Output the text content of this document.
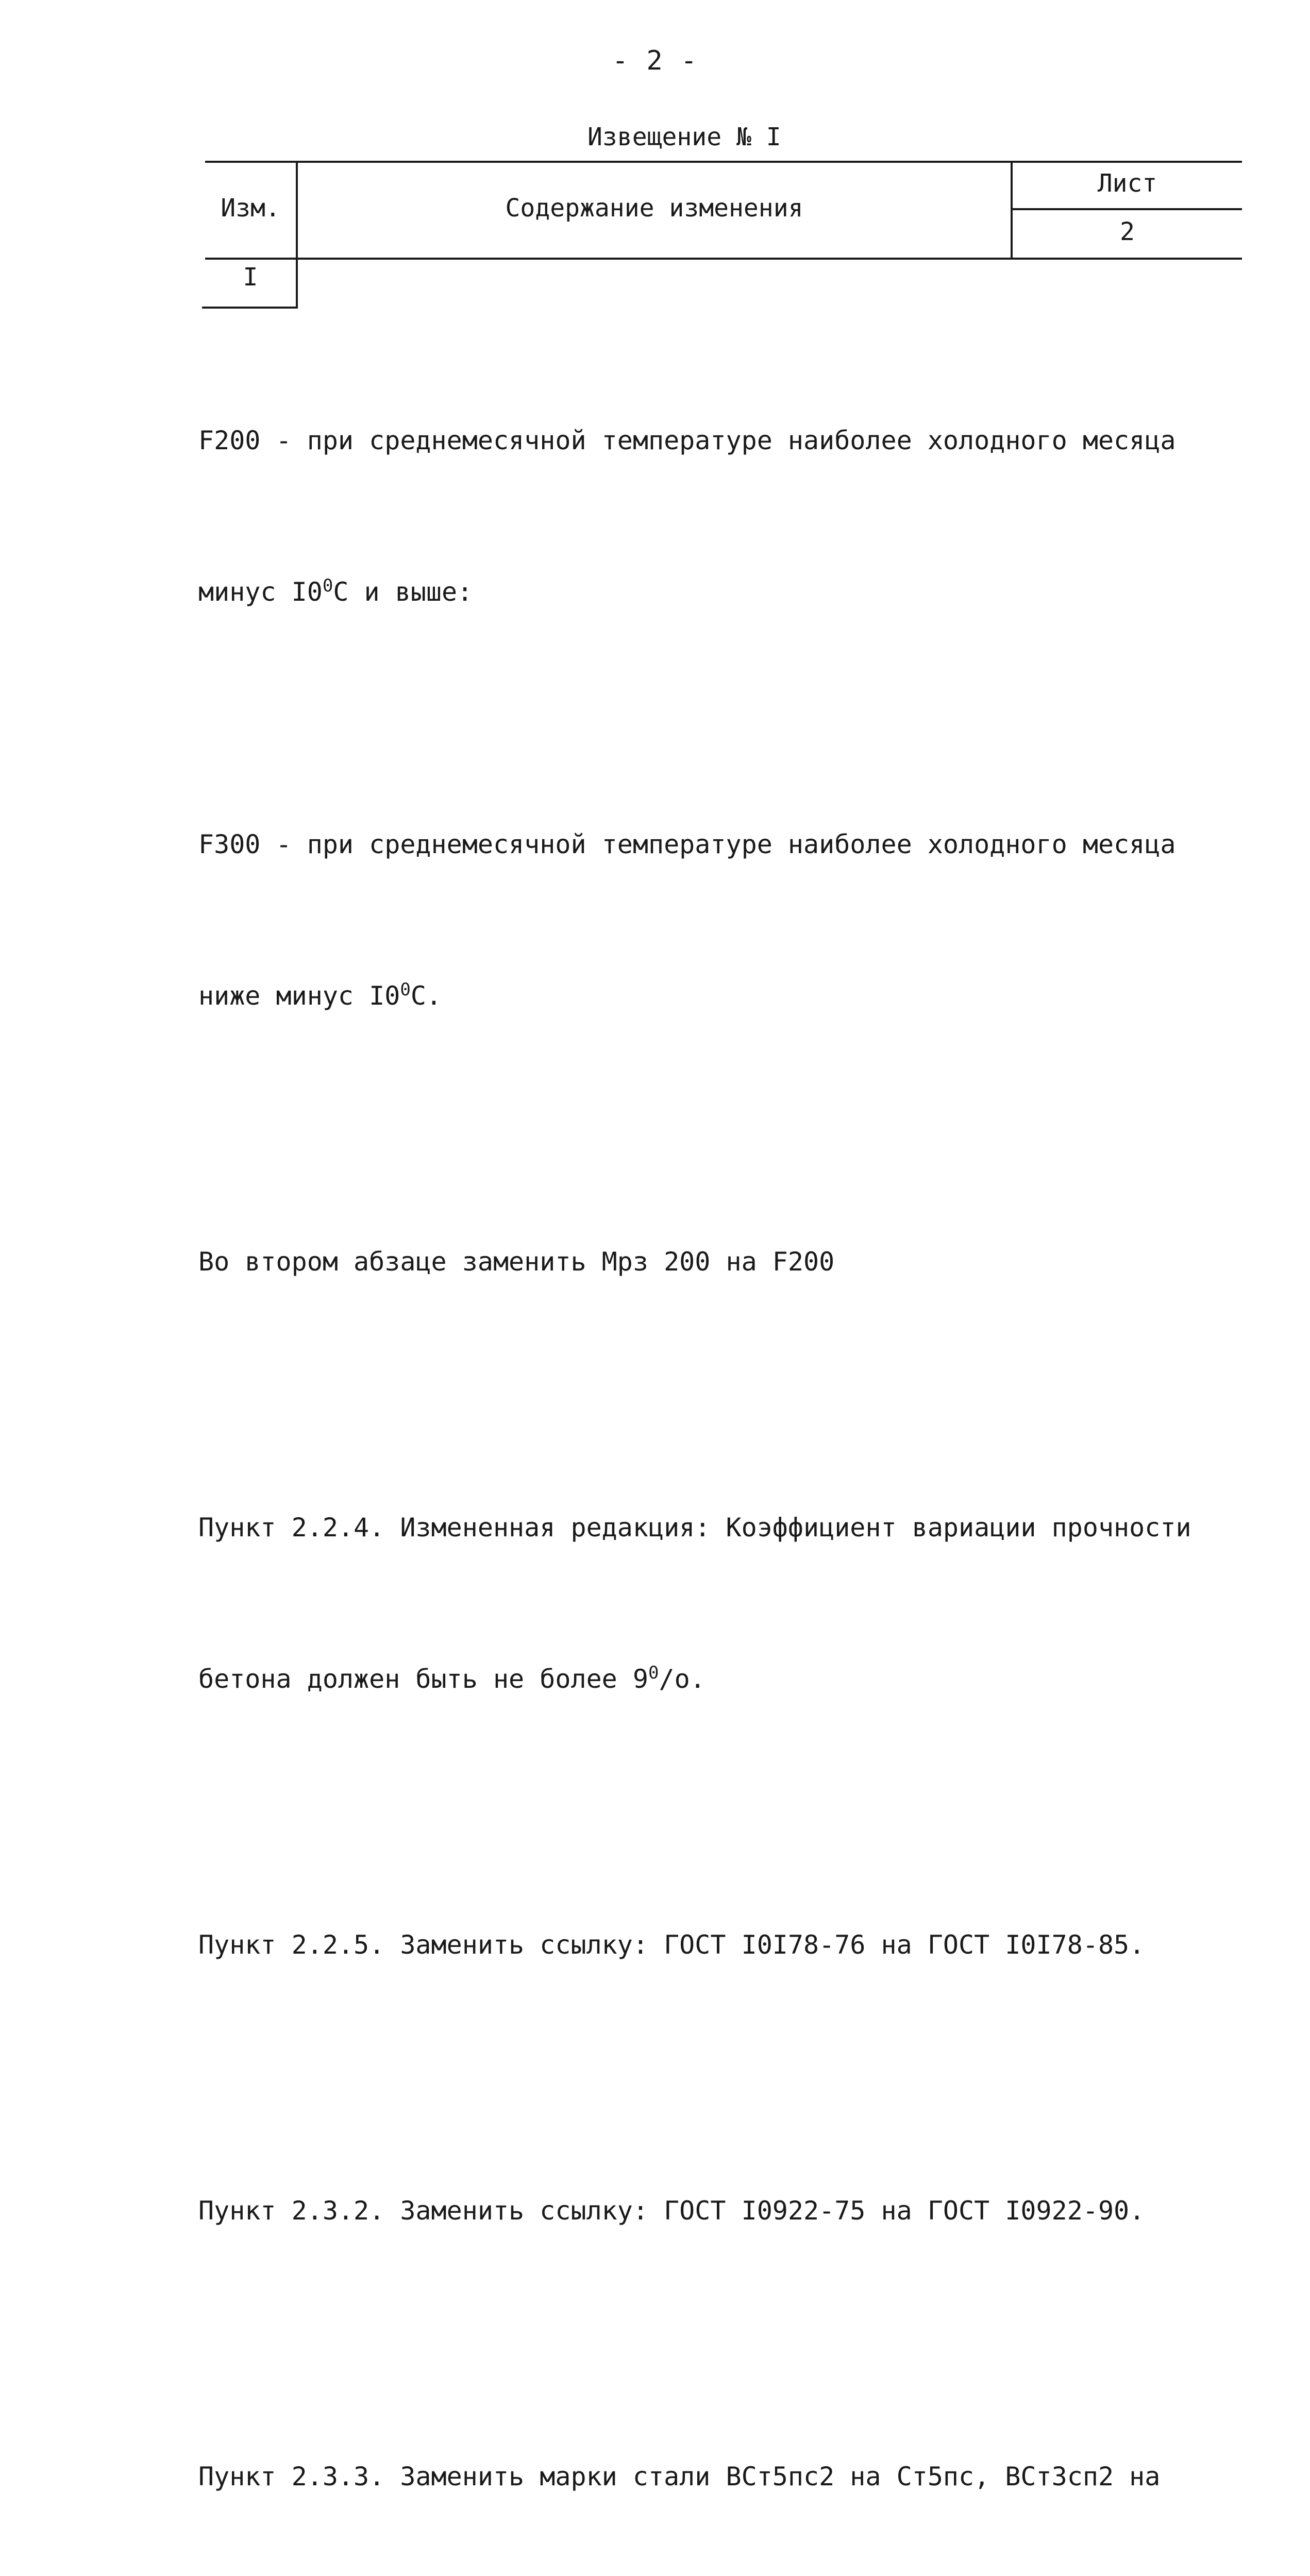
- 2 -
Извещение № I
Изм.	Содержание изменения
Лист
2
I

F200 - при среднемесячной температуре наиболее холодного месяца

минус $I0^0С$ и выше:

F300 - при среднемесячной температуре наиболее холодного месяца

ниже минус $I0^0С$.

Во втором абзаце заменить Мрз 200 на F200

Пункт 2.2.4. Измененная редакция: Коэффициент вариации прочности

бетона должен быть не более $9^0/о$.

Пункт 2.2.5. Заменить ссылку: ГОСТ I0I78-76 на ГОСТ I0I78-85.

Пункт 2.3.2. Заменить ссылку: ГОСТ I0922-75 на ГОСТ I0922-90.

Пункт 2.3.3. Заменить марки стали ВСт5пс2 на Ст5пс, ВСт3сп2 на
